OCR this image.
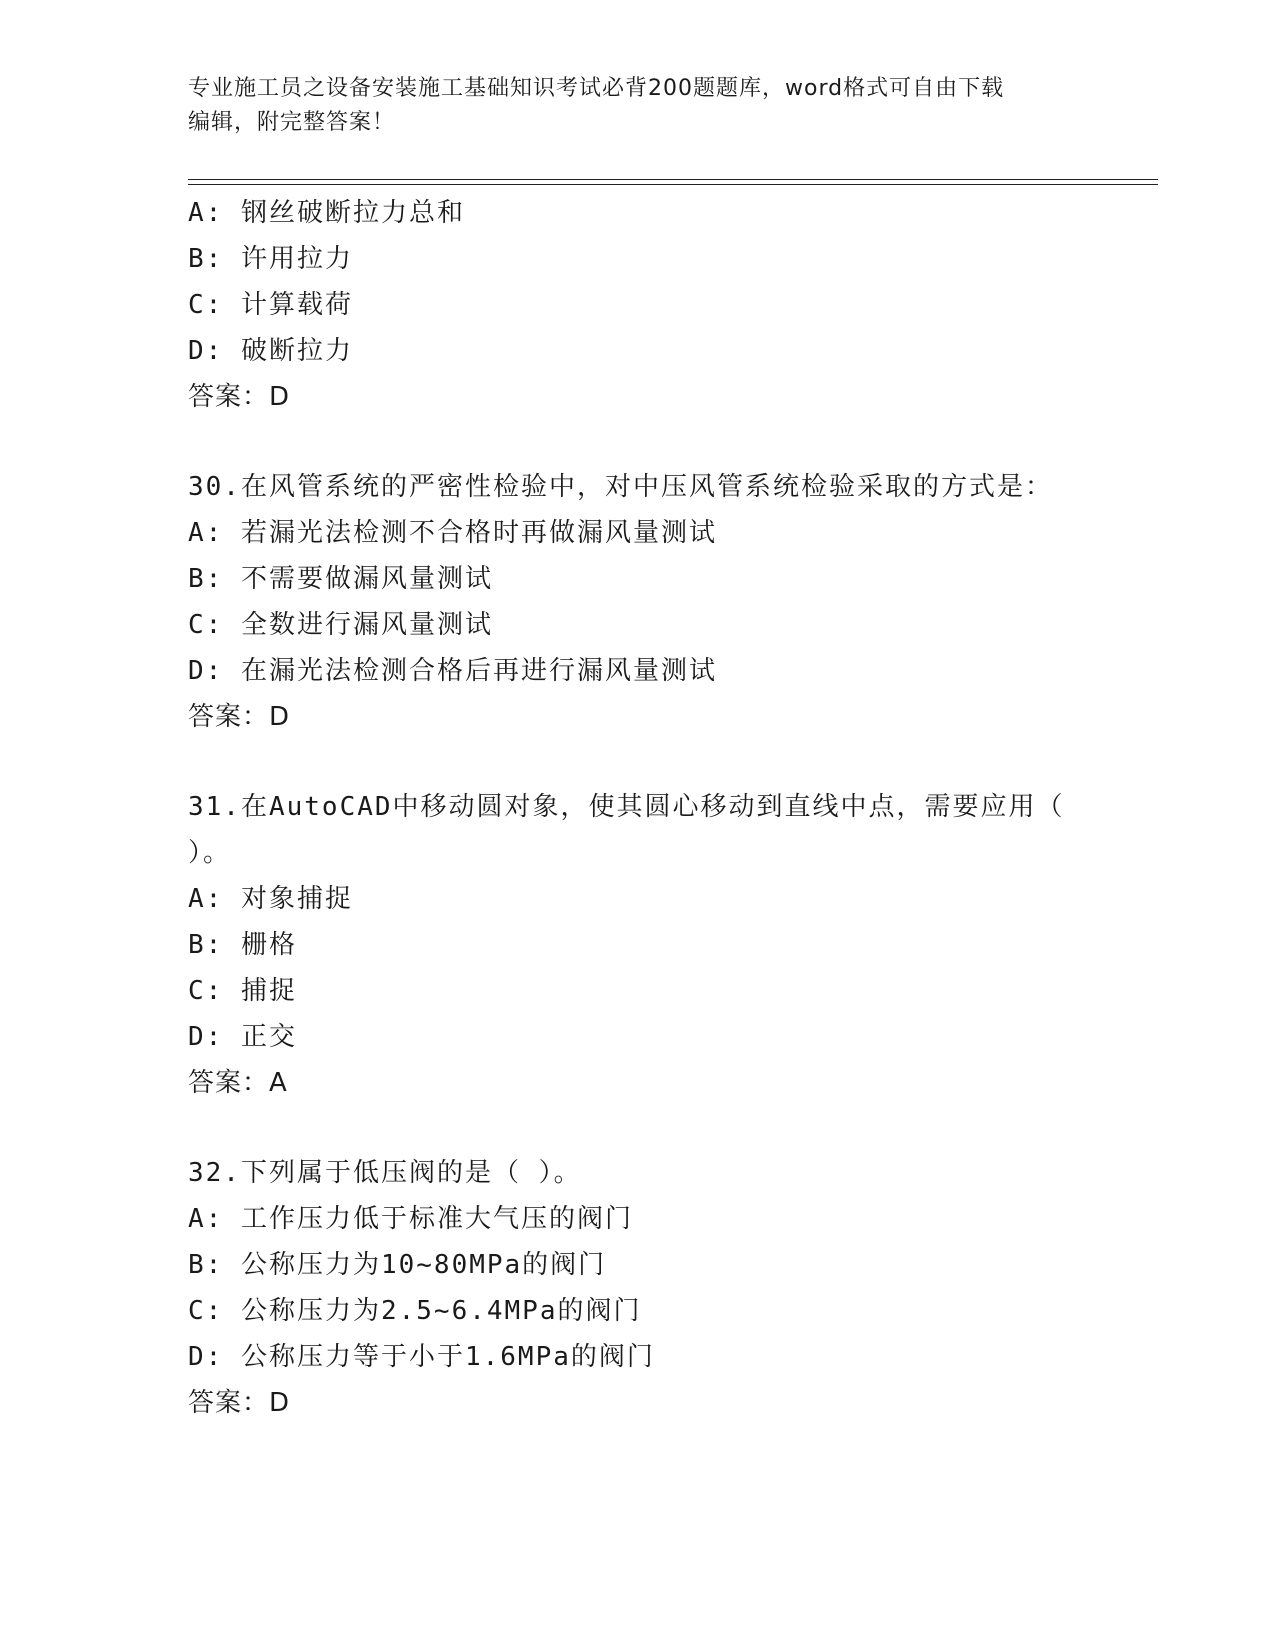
专业施工员之设备安装施工基础知识考试必背200题题库，word格式可自由下载
编辑，附完整答案！
A: 钢丝破断拉力总和
B: 许用拉力
C: 计算载荷
D: 破断拉力
答案：D
30.在风管系统的严密性检验中，对中压风管系统检验采取的方式是：
A: 若漏光法检测不合格时再做漏风量测试
B: 不需要做漏风量测试
C: 全数进行漏风量测试
D: 在漏光法检测合格后再进行漏风量测试
答案：D
31.在AutoCAD中移动圆对象，使其圆心移动到直线中点，需要应用（
）。
A: 对象捕捉
B: 栅格
C: 捕捉
D: 正交
答案：A
32.下列属于低压阀的是（ ）。
A: 工作压力低于标准大气压的阀门
B: 公称压力为10~80MPa的阀门
C: 公称压力为2.5~6.4MPa的阀门
D: 公称压力等于小于1.6MPa的阀门
答案：D
